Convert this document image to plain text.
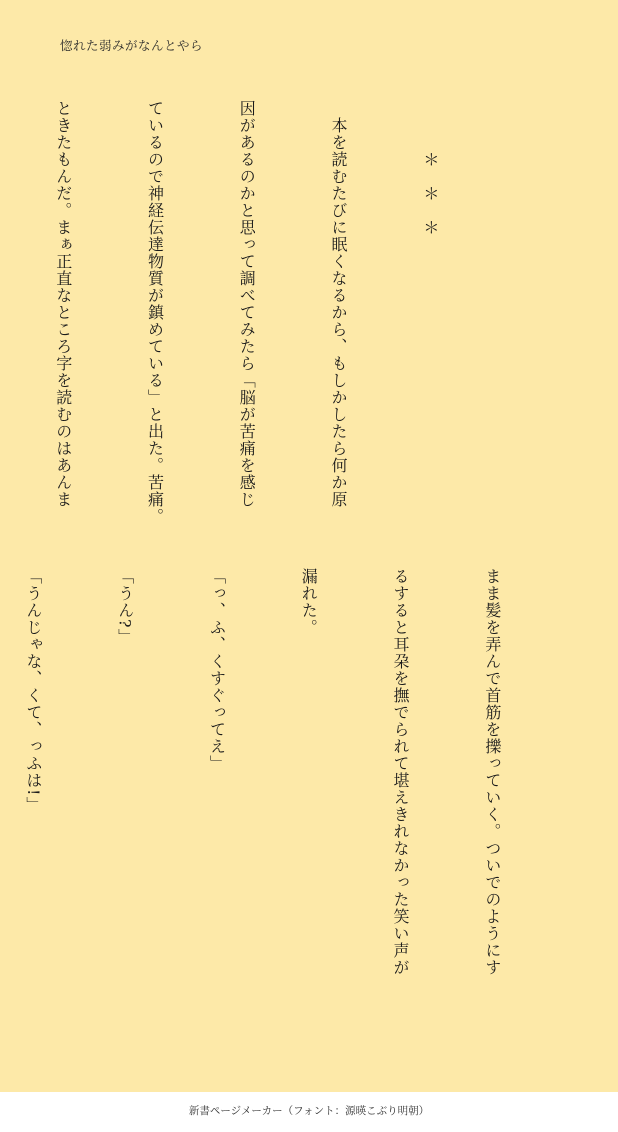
惚れた弱みがなんとやら

　　　＊　＊　＊

　本を読むたびに眠くなるから、もしかしたら何か原

因があるのかと思って調べてみたら「脳が苦痛を感じ

ているので神経伝達物質が鎮めている」と出た。苦痛。

ときたもんだ。まぁ正直なところ字を読むのはあんま

まま髪を弄んで首筋を擽っていく。ついでのようにす

るすると耳朶を撫でられて堪えきれなかった笑い声が

漏れた。

「っ、ふ、くすぐってえ」

「うん?」

「うんじゃな、くて、っふは!」

新書ページメーカー（フォント：源暎こぶり明朝）
